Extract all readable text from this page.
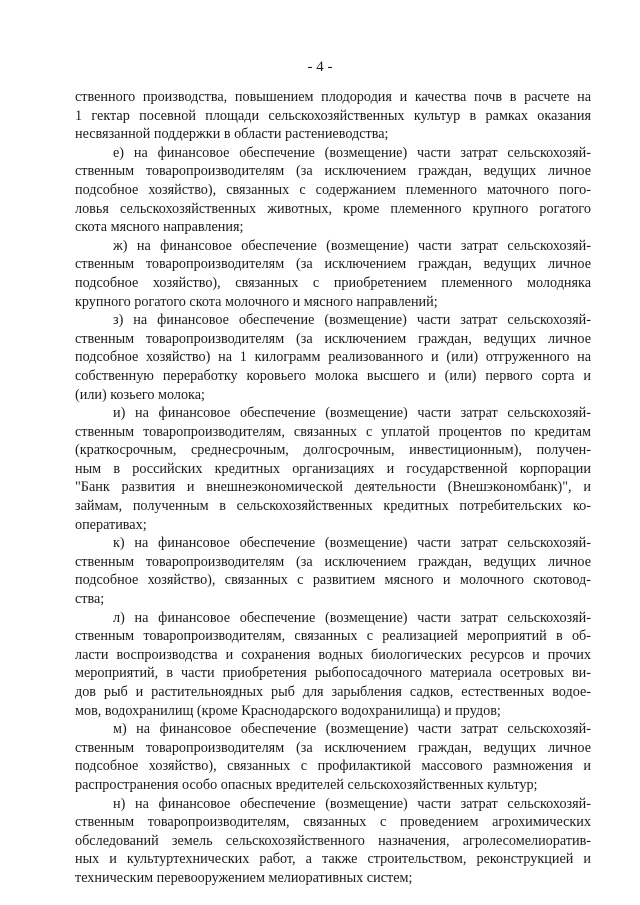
- 4 -

ственного производства, повышением плодородия и качества почв в расчете на
1 гектар посевной площади сельскохозяйственных культур в рамках оказания
несвязанной поддержки в области растениеводства;

е) на финансовое обеспечение (возмещение) части затрат сельскохозяй-
ственным товаропроизводителям (за исключением граждан, ведущих личное
подсобное хозяйство), связанных с содержанием племенного маточного пого-
ловья сельскохозяйственных животных, кроме племенного крупного рогатого
скота мясного направления;

ж) на финансовое обеспечение (возмещение) части затрат сельскохозяй-
ственным товаропроизводителям (за исключением граждан, ведущих личное
подсобное хозяйство), связанных с приобретением племенного молодняка
крупного рогатого скота молочного и мясного направлений;

з) на финансовое обеспечение (возмещение) части затрат сельскохозяй-
ственным товаропроизводителям (за исключением граждан, ведущих личное
подсобное хозяйство) на 1 килограмм реализованного и (или) отгруженного на
собственную переработку коровьего молока высшего и (или) первого сорта и
(или) козьего молока;

и) на финансовое обеспечение (возмещение) части затрат сельскохозяй-
ственным товаропроизводителям, связанных с уплатой процентов по кредитам
(краткосрочным, среднесрочным, долгосрочным, инвестиционным), получен-
ным в российских кредитных организациях и государственной корпорации
"Банк развития и внешнеэкономической деятельности (Внешэкономбанк)", и
займам, полученным в сельскохозяйственных кредитных потребительских ко-
оперативах;

к) на финансовое обеспечение (возмещение) части затрат сельскохозяй-
ственным товаропроизводителям (за исключением граждан, ведущих личное
подсобное хозяйство), связанных с развитием мясного и молочного скотовод-
ства;

л) на финансовое обеспечение (возмещение) части затрат сельскохозяй-
ственным товаропроизводителям, связанных с реализацией мероприятий в об-
ласти воспроизводства и сохранения водных биологических ресурсов и прочих
мероприятий, в части приобретения рыбопосадочного материала осетровых ви-
дов рыб и растительноядных рыб для зарыбления садков, естественных водое-
мов, водохранилищ (кроме Краснодарского водохранилища) и прудов;

м) на финансовое обеспечение (возмещение) части затрат сельскохозяй-
ственным товаропроизводителям (за исключением граждан, ведущих личное
подсобное хозяйство), связанных с профилактикой массового размножения и
распространения особо опасных вредителей сельскохозяйственных культур;

н) на финансовое обеспечение (возмещение) части затрат сельскохозяй-
ственным товаропроизводителям, связанных с проведением агрохимических
обследований земель сельскохозяйственного назначения, агролесомелиоратив-
ных и культуртехнических работ, а также строительством, реконструкцией и
техническим перевооружением мелиоративных систем;
